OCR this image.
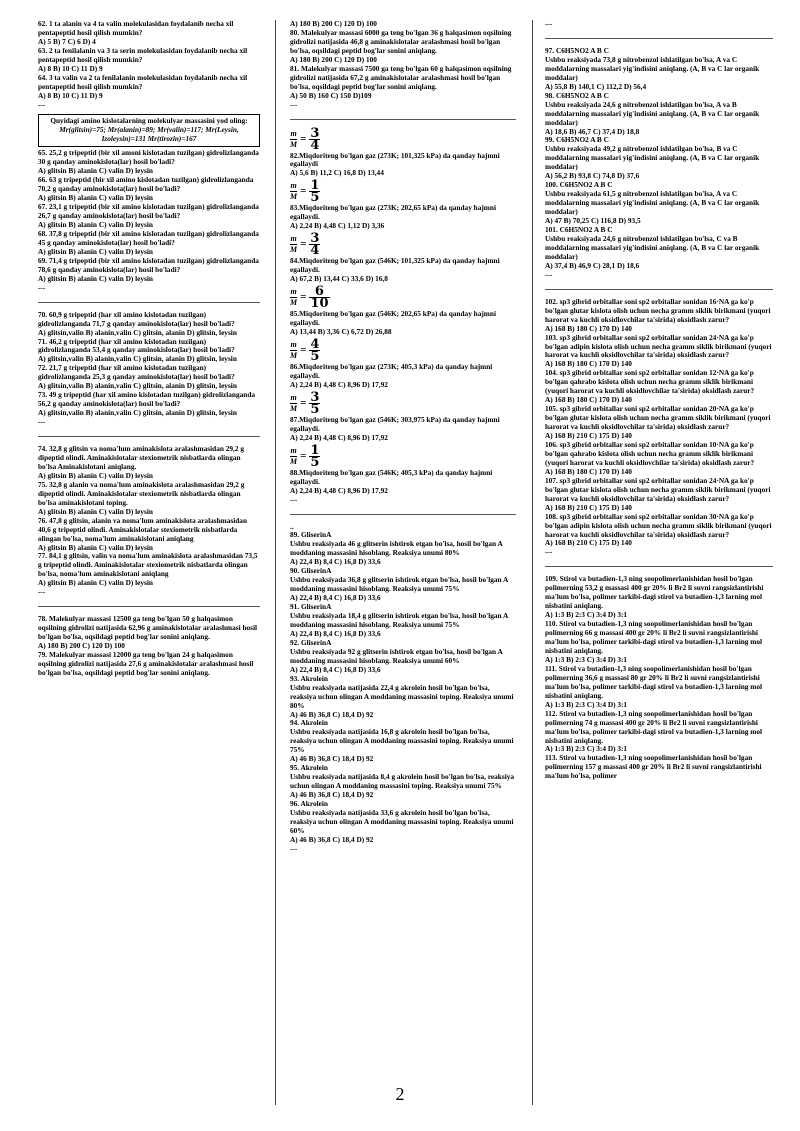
62. 1 ta alanin va 4 ta valin molekulasidan foydalanib necha xil pentapeptid hosil qilish mumkin?

A) 5 B) 7 C) 6 D) 4

63. 2 ta fenilalanin va 3 ta serin molekulasidan foydalanib necha xil pentapeptid hosil qilish mumkin?

A) 8 B) 10 C) 11 D) 9

64. 3 ta valin va 2 ta fenilalanin molekulasidan foydalanib necha xil pentapeptid hosil qilish mumkin?

A) 8 B) 10 C) 11 D) 9

---

Quyidagi amino kislotalarning molekulyar massasini yod oling:

Mr(glitsin)=75; Mr(alanin)=89; Mr(valin)=117; Mr(Leysin, Izoleysin)=131 Mr(tirozin)=167

65. 25,2 g tripeptid (bir xil amoni kislotadan tuzilgan) gidrolizlanganda 30 g qanday aminokislota(lar) hosil bo'ladi?

A) glitsin B) alanin C) valin D) leysin

66. 63 g tripeptid (bir xil amino kislotadan tuzilgan) gidrolizlanganda 70,2 g qanday aminokislota(lar) hosil bo'ladi?

A) glitsin B) alanin C) valin D) leysin

67. 23,1 g tripeptid (bir xil amino kislotadan tuzilgan) gidrolizlanganda 26,7 g qanday aminokislota(lar) hosil bo'ladi?

A) glitsin B) alanin C) valin D) leysin

68. 37,8 g tripeptid (bir xil amino kislotadan tuzilgan) gidrolizlanganda 45 g qanday aminokislota(lar) hosil bo'ladi?

A) glitsin B) alanin C) valin D) leysin

69. 71,4 g tripeptid (bir xil amino kislotadan tuzilgan) gidrolizlanganda 78,6 g qanday aminokislota(lar) hosil bo'ladi?

A) glitsin B) alanin C) valin D) leysin

---

70. 60,9 g tripeptid (har xil amino kislotadan tuzilgan) gidrolizlanganda 71,7 g qanday aminokislota(lar) hosil bo'ladi?

A) glitsin,valin B) alanin,valin C) glitsin, alanin D) glitsin, leysin

71. 46,2 g tripeptid (har xil amino kislotadan tuzilgan) gidrolizlanganda 53,4 g qanday aminokislota(lar) hosil bo'ladi?

A) glitsin,valin B) alanin,valin C) glitsin, alanin D) glitsin, leysin

72. 21,7 g tripeptid (har xil amino kislotadan tuzilgan) gidrolizlanganda 25,3 g qanday aminokislota(lar) hosil bo'ladi?

A) glitsin,valin B) alanin,valin C) glitsin, alanin D) glitsin, leysin

73. 49 g tripeptid (har xil amino kislotadan tuzilgan) gidrolizlanganda 56,2 g qanday aminokislota(lar) hosil bo'ladi?

A) glitsin,valin B) alanin,valin C) glitsin, alanin D) glitsin, leysin

---

74. 32,8 g glitsin va noma'lum aminakislota aralashmasidan 29,2 g dipeptid olindi. Aminakislotalar stexiometrik nisbatlarda olingan bo'lsa Aminakislotani aniqlang.

A) glitsin B) alanin C) valin D) leysin

75. 32,8 g alanin va noma'lum aminakislota aralashmasidan 29,2 g dipeptid olindi. Aminakislotalar stexiometrik nisbatlarda olingan bo'lsa aminakislotani toping.

A) glitsin B) alanin C) valin D) leysin

76. 47,8 g glitsin, alanin va noma'lum aminakislota aralashmasidan 40,6 g tripeptid olindi. Aminakislotalar stexiometrik nisbatlarda olingan bo'lsa, noma'lum aminakislotani aniqlang

A) glitsin B) alanin C) valin D) leysin

77. 84,1 g glitsin, valin va noma'lum aminakislota aralashmasidan 73,5 g tripeptid olindi. Aminakislotalar stexiometrik nisbatlarda olingan bo'lsa, noma'lum aminakislotani aniqlang

A) glitsin B) alanin C) valin D) leysin

---

78. Malekulyar massasi 12500 ga teng bo'lgan 50 g halqasimon oqsilning gidrolizi natijasida 62,96 g aminakislotalar aralashmasi hosil bo'lgan bo'lsa, oqsildagi peptid bog'lar sonini aniqlang.

A) 180 B) 200 C) 120 D) 100

79. Malekulyar massasi 12000 ga teng bo'lgan 24 g halqasimon oqsilning gidrolizi natijasida 27,6 g aminakislotalar aralashmasi hosil bo'lgan bo'lsa, oqsildagi peptid bog'lar sonini aniqlang.

A) 180 B) 200 C) 120 D) 100

80. Malekulyar massasi 6000 ga teng bo'lgan 36 g halqasimon oqsilning gidrolizi natijasida 46,8 g aminakislotalar aralashmasi hosil bo'lgan bo'lsa, oqsildagi peptid bog'lar sonini aniqlang.

A) 180 B) 200 C) 120 D) 100

81. Malekulyar massasi 7500 ga teng bo'lgan 60 g halqasimon oqsilning gidrolizi natijasida 67,2 g aminakislotalar aralashmasi hosil bo'lgan bo'lsa, oqsildagi peptid bog'lar sonini aniqlang.

A) 50 B) 160 C) 150 D)109

---

$\frac{m}{M} = \frac{3}{4}$

82.Miqdoriteng bo'lgan gaz (273K; 101,325 kPa) da qanday hajmni egallaydi

A) 5,6 B) 11,2 C) 16,8 D) 13,44

$\frac{m}{M} = \frac{1}{5}$

83.Miqdoriteng bo'lgan gaz (273K; 202,65 kPa) da qanday hajmni egallaydi.

A) 2,24 B) 4,48 C) 1,12 D) 3,36

$\frac{m}{M} = \frac{3}{4}$

84.Miqdoriteng bo'lgan gaz (546K; 101,325 kPa) da qanday hajmni egallaydi.

A) 67,2 B) 13,44 C) 33,6 D) 16,8

$\frac{m}{M} = \frac{6}{10}$

85.Miqdoriteng bo'lgan gaz (546K; 202,65 kPa) da qanday hajmni egallaydi.

A) 13,44 B) 3,36 C) 6,72 D) 26,88

$\frac{m}{M} = \frac{4}{5}$

86.Miqdoriteng bo'lgan gaz (273K; 405,3 kPa) da qanday hajmni egallaydi.

A) 2,24 B) 4,48 C) 8,96 D) 17,92

$\frac{m}{M} = \frac{3}{5}$

87.Miqdoriteng bo'lgan gaz (546K; 303,975 kPa) da qanday hajmni egallaydi.

A) 2,24 B) 4,48 C) 8,96 D) 17,92

$\frac{m}{M} = \frac{1}{5}$

88.Miqdoriteng bo'lgan gaz (546K; 405,3 kPa) da qanday hajmni egallaydi.

A) 2,24 B) 4,48 C) 8,96 D) 17,92

---

..

89. GliserinA

Ushbu reaksiyada 46 g glitserin ishtirok etgan bo'lsa, hosil bo'lgan A moddaning massasini hisoblang. Reaksiya unumi 80%

A) 22,4 B) 8,4 C) 16,8 D) 33,6

90. GliserinA

Ushbu reaksiyada 36,8 g glitserin ishtirok etgan bo'lsa, hosil bo'lgan A moddaning massasini hisoblang. Reaksiya unumi 75%

A) 22,4 B) 8,4 C) 16,8 D) 33,6

91. GliserinA

Ushbu reaksiyada 18,4 g glitserin ishtirok etgan bo'lsa, hosil bo'lgan A moddaning massasini hisoblang. Reaksiya unumi 75%

A) 22,4 B) 8,4 C) 16,8 D) 33,6

92. GliserinA

Ushbu reaksiyada 92 g glitserin ishtirok etgan bo'lsa, hosil bo'lgan A moddaning massasini hisoblang. Reaksiya unumi 60%

A) 22,4 B) 8,4 C) 16,8 D) 33,6

93. Akrolein

Ushbu reaksiyada natijasida 22,4 g akrolein hosil bo'lgan bo'lsa, reaksiya uchun olingan A moddaning massasini toping. Reaksiya unumi 80%

A) 46 B) 36,8 C) 18,4 D) 92

94. Akrolein

Ushbu reaksiyada natijasida 16,8 g akrolein hosil bo'lgan bo'lsa, reaksiya uchun olingan A moddaning massasini toping. Reaksiya unumi 75%

A) 46 B) 36,8 C) 18,4 D) 92

95. Akrolein

Ushbu reaksiyada natijasida 8,4 g akrolein hosil bo'lgan bo'lsa, reaksiya uchun olingan A moddaning massasini toping. Reaksiya unumi 75%

A) 46 B) 36,8 C) 18,4 D) 92

96. Akrolein

Ushbu reaksiyada natijasida 33,6 g akrolein hosil bo'lgan bo'lsa, reaksiya uchun olingan A moddaning massasini toping. Reaksiya unumi 60%

A) 46 B) 36,8 C) 18,4 D) 92

---

---

97. C6H5NO2 A B C

Ushbu reaksiyada 73,8 g nitrobenzol ishlatilgan bo'lsa, A va C moddalarning massalari yig'indisini aniqlang. (A, B va C lar organik moddalar)

A) 55,8 B) 140,1 C) 112,2 D) 56,4

98. C6H5NO2 A B C

Ushbu reaksiyada 24,6 g nitrobenzol ishlatilgan bo'lsa, A va B moddalarning massalari yig'indisini aniqlang. (A, B va C lar organik moddalar)

A) 18,6 B) 46,7 C) 37,4 D) 18,8

99. C6H5NO2 A B C

Ushbu reaksiyada 49,2 g nitrobenzol ishlatilgan bo'lsa, B va C moddalarning massalari yig'indisini aniqlang. (A, B va C lar organik moddalar)

A) 56,2 B) 93,8 C) 74,8 D) 37,6

100. C6H5NO2 A B C

Ushbu reaksiyada 61,5 g nitrobenzol ishlatilgan bo'lsa, A va C moddalarning massalari yig'indisini aniqlang. (A, B va C lar organik moddalar)

A) 47 B) 70,25 C) 116,8 D) 93,5

101. C6H5NO2 A B C

Ushbu reaksiyada 24,6 g nitrobenzol ishlatilgan bo'lsa, C va B moddalarning massalari yig'indisini aniqlang. (A, B va C lar organik moddalar)

A) 37,4 B) 46,9 C) 28,1 D) 18,6

---

102. sp3 gibrid orbitallar soni sp2 orbitallar sonidan 16·NA ga ko'p bo'lgan glutar kislota olish uchun necha gramm siklik birikmani (yuqori harorat va kuchli oksidlovchilar ta'sirida) oksidlash zarur?

A) 168 B) 180 C) 170 D) 140

103. sp3 gibrid orbitallar soni sp2 orbitallar sonidan 24·NA ga ko'p bo'lgan adipin kislota olish uchun necha gramm siklik birikmani (yuqori harorat va kuchli oksidlovchilar ta'sirida) oksidlash zarur?

A) 168 B) 180 C) 170 D) 140

104. sp3 gibrid orbitallar soni sp2 orbitallar sonidan 12·NA ga ko'p bo'lgan qahrabo kislota olish uchun necha gramm siklik birikmani (yuqori harorat va kuchli oksidlovchilar ta'sirida) oksidlash zarur?

A) 168 B) 180 C) 170 D) 140

105. sp3 gibrid orbitallar soni sp2 orbitallar sonidan 20·NA ga ko'p bo'lgan glutar kislota olish uchun necha gramm siklik birikmani (yuqori harorat va kuchli oksidlovchilar ta'sirida) oksidlash zarur?

A) 168 B) 210 C) 175 D) 140

106. sp3 gibrid orbitallar soni sp2 orbitallar sonidan 10·NA ga ko'p bo'lgan qahrabo kislota olish uchun necha gramm siklik birikmani (yuqori harorat va kuchli oksidlovchilar ta'sirida) oksidlash zarur?

A) 168 B) 180 C) 170 D) 140

107. sp3 gibrid orbitallar soni sp2 orbitallar sonidan 24·NA ga ko'p bo'lgan glutar kislota olish uchun necha gramm siklik birikmani (yuqori harorat va kuchli oksidlovchilar ta'sirida) oksidlash zarur?

A) 168 B) 210 C) 175 D) 140

108. sp3 gibrid orbitallar soni sp2 orbitallar sonidan 30·NA ga ko'p bo'lgan adipin kislota olish uchun necha gramm siklik birikmani (yuqori harorat va kuchli oksidlovchilar ta'sirida) oksidlash zarur?

A) 168 B) 210 C) 175 D) 140

---

109. Stirol va butadien-1,3 ning soopolimerlanishidan hosil bo'lgan polimerning 53,2 g massasi 400 gr 20% li Br2 li suvni rangsizlantirishi ma'lum bo'lsa, polimer tarkibi-dagi stirol va butadien-1,3 larning mol nisbatini aniqlang.

A) 1:3 B) 2:3 C) 3:4 D) 3:1

110. Stirol va butadien-1,3 ning soopolimerlanishidan hosil bo'lgan polimerning 66 g massasi 400 gr 20% li Br2 li suvni rangsizlantirishi ma'lum bo'lsa, polimer tarkibi-dagi stirol va butadien-1,3 larning mol nisbatini aniqlang.

A) 1:3 B) 2:3 C) 3:4 D) 3:1

111. Stirol va butadien-1,3 ning soopolimerlanishidan hosil bo'lgan polimerning 36,6 g massasi 80 gr 20% li Br2 li suvni rangsizlantirishi ma'lum bo'lsa, polimer tarkibi-dagi stirol va butadien-1,3 larning mol nisbatini aniqlang.

A) 1:3 B) 2:3 C) 3:4 D) 3:1

112. Stirol va butadien-1,3 ning soopolimerlanishidan hosil bo'lgan polimerning 74 g massasi 400 gr 20% li Br2 li suvni rangsizlantirishi ma'lum bo'lsa, polimer tarkibi-dagi stirol va butadien-1,3 larning mol nisbatini aniqlang.

A) 1:3 B) 2:3 C) 3:4 D) 3:1

113. Stirol va butadien-1,3 ning soopolimerlanishidan hosil bo'lgan polimerning 157 g massasi 400 gr 20% li Br2 li suvni rangsizlantirishi ma'lum bo'lsa, polimer

2
